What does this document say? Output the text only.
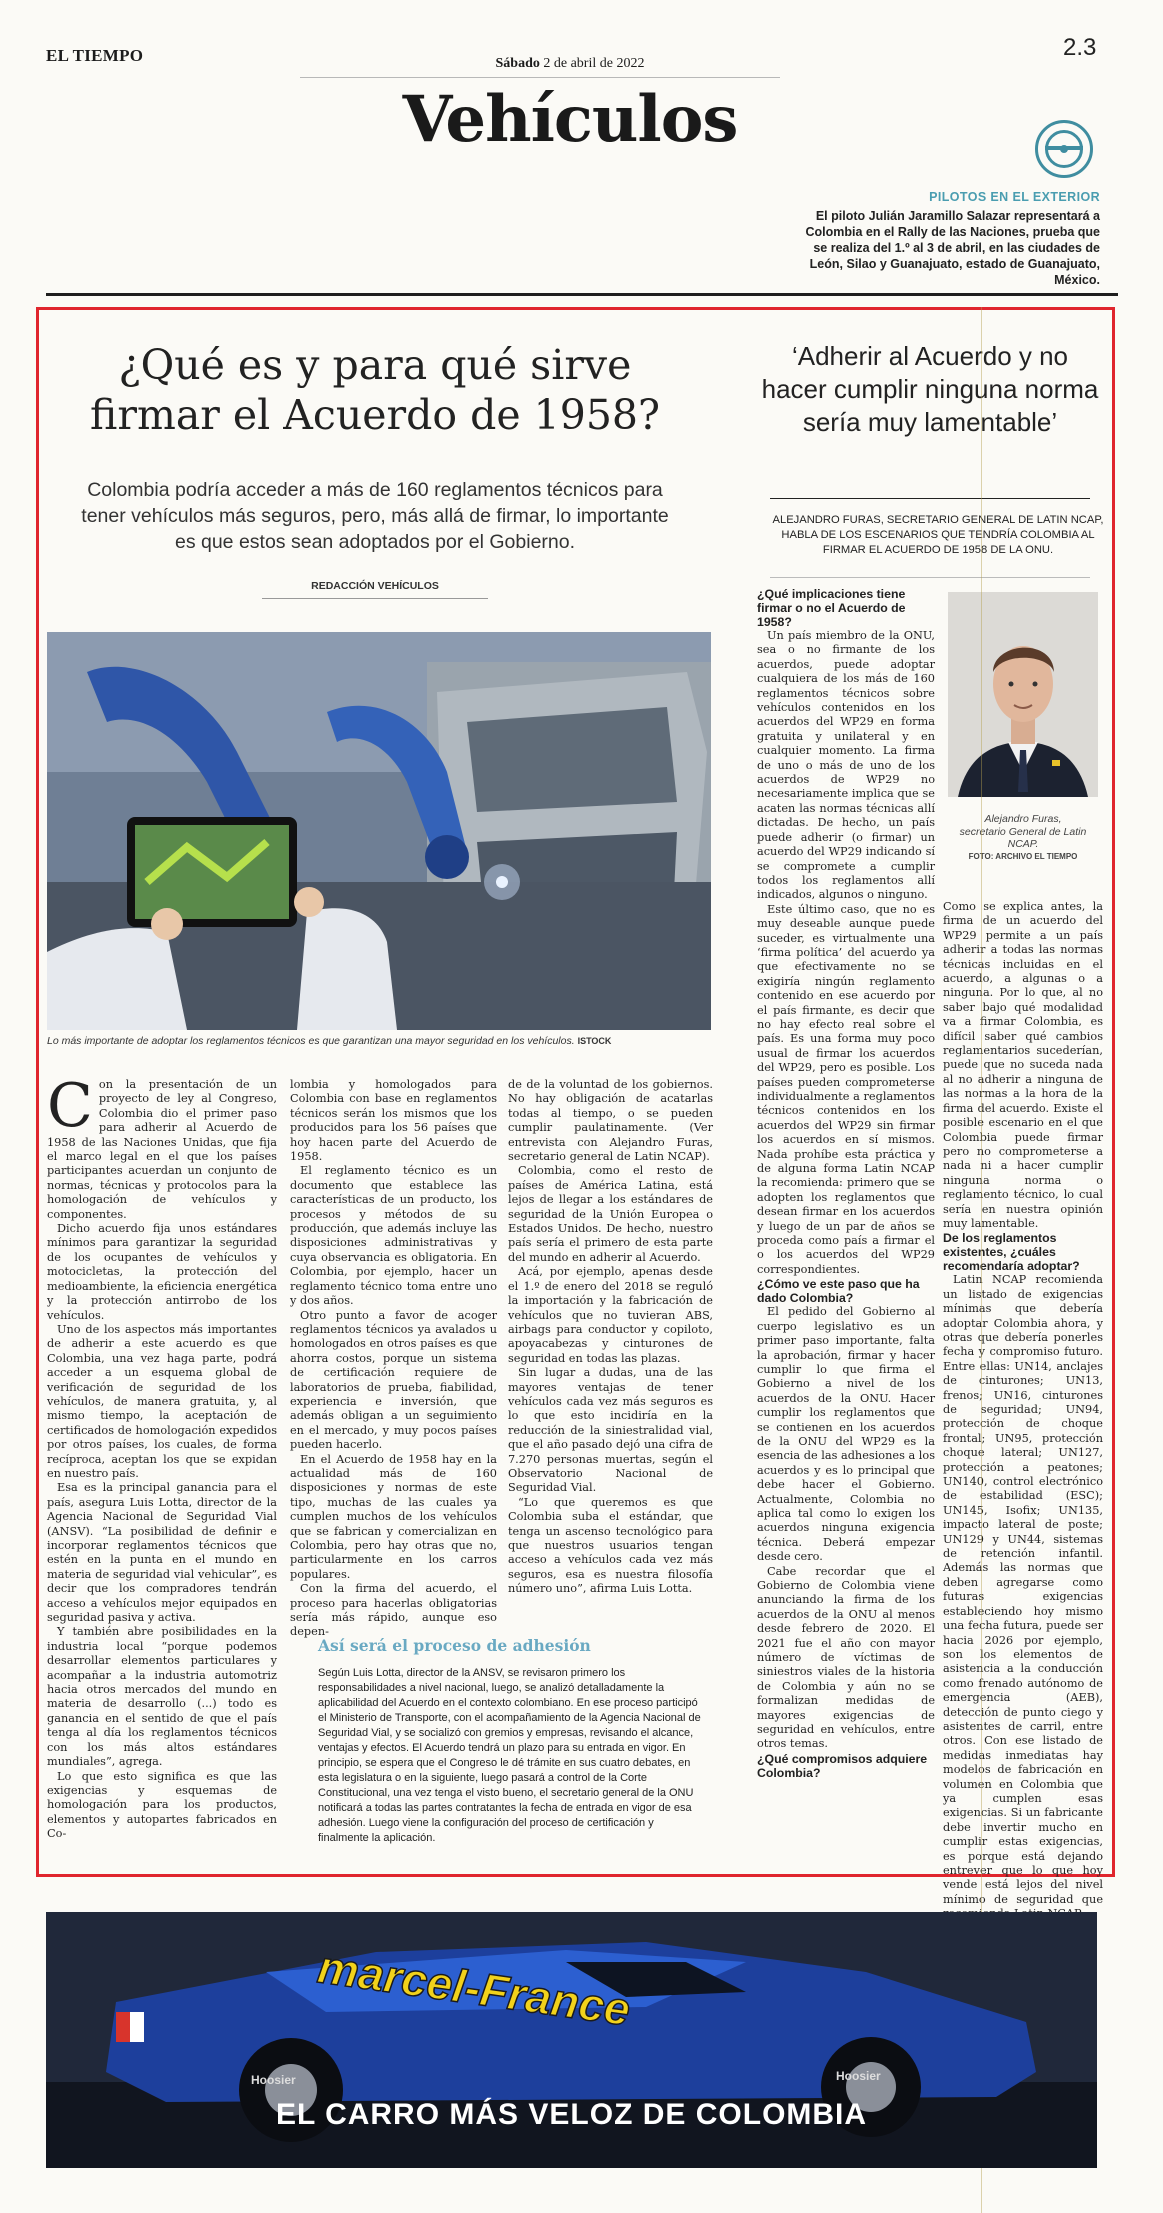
EL TIEMPO	2.3
Sábado 2 de abril de 2022
Vehículos
PILOTOS EN EL EXTERIOR
El piloto Julián Jaramillo Salazar representará a Colombia en el Rally de las Naciones, prueba que se realiza del 1.º al 3 de abril, en las ciudades de León, Silao y Guanajuato, estado de Guanajuato, México.
¿Qué es y para qué sirve firmar el Acuerdo de 1958?
Colombia podría acceder a más de 160 reglamentos técnicos para tener vehículos más seguros, pero, más allá de firmar, lo importante es que estos sean adoptados por el Gobierno.
REDACCIÓN VEHÍCULOS
Lo más importante de adoptar los reglamentos técnicos es que garantizan una mayor seguridad en los vehículos. ISTOCK
C on la presentación de un proyecto de ley al Congreso, Colombia dio el primer paso para adherir al Acuerdo de 1958 de las Naciones Unidas, que fija el marco legal en el que los países participantes acuerdan un conjunto de normas, técnicas y protocolos para la homologación de vehículos y componentes.

Dicho acuerdo fija unos estándares mínimos para garantizar la seguridad de los ocupantes de vehículos y motocicletas, la protección del medioambiente, la eficiencia energética y la protección antirrobo de los vehículos.

Uno de los aspectos más importantes de adherir a este acuerdo es que Colombia, una vez haga parte, podrá acceder a un esquema global de verificación de seguridad de los vehículos, de manera gratuita, y, al mismo tiempo, la aceptación de certificados de homologación expedidos por otros países, los cuales, de forma recíproca, aceptan los que se expidan en nuestro país.

Esa es la principal ganancia para el país, asegura Luis Lotta, director de la Agencia Nacional de Seguridad Vial (ANSV). “La posibilidad de definir e incorporar reglamentos técnicos que estén en la punta en el mundo en materia de seguridad vial vehicular”, es decir que los compradores tendrán acceso a vehículos mejor equipados en seguridad pasiva y activa.

Y también abre posibilidades en la industria local “porque podemos desarrollar elementos particulares y acompañar a la industria automotriz hacia otros mercados del mundo en materia de desarrollo (...) todo es ganancia en el sentido de que el país tenga al día los reglamentos técnicos con los más altos estándares mundiales”, agrega.

Lo que esto significa es que las exigencias y esquemas de homologación para los productos, elementos y autopartes fabricados en Co-

lombia y homologados para Colombia con base en reglamentos técnicos serán los mismos que los producidos para los 56 países que hoy hacen parte del Acuerdo de 1958.

El reglamento técnico es un documento que establece las características de un producto, los procesos y métodos de su producción, que además incluye las disposiciones administrativas y cuya observancia es obligatoria. En Colombia, por ejemplo, hacer un reglamento técnico toma entre uno y dos años.

Otro punto a favor de acoger reglamentos técnicos ya avalados u homologados en otros países es que ahorra costos, porque un sistema de certificación requiere de laboratorios de prueba, fiabilidad, experiencia e inversión, que además obligan a un seguimiento en el mercado, y muy pocos países pueden hacerlo.

En el Acuerdo de 1958 hay en la actualidad más de 160 disposiciones y normas de este tipo, muchas de las cuales ya cumplen muchos de los vehículos que se fabrican y comercializan en Colombia, pero hay otras que no, particularmente en los carros populares.

Con la firma del acuerdo, el proceso para hacerlas obligatorias sería más rápido, aunque eso depen-

de de la voluntad de los gobiernos. No hay obligación de acatarlas todas al tiempo, o se pueden cumplir paulatinamente. (Ver entrevista con Alejandro Furas, secretario general de Latin NCAP).

Colombia, como el resto de países de América Latina, está lejos de llegar a los estándares de seguridad de la Unión Europea o Estados Unidos. De hecho, nuestro país sería el primero de esta parte del mundo en adherir al Acuerdo.

Acá, por ejemplo, apenas desde el 1.º de enero del 2018 se reguló la importación y la fabricación de vehículos que no tuvieran ABS, airbags para conductor y copiloto, apoyacabezas y cinturones de seguridad en todas las plazas.

Sin lugar a dudas, una de las mayores ventajas de tener vehículos cada vez más seguros es lo que esto incidiría en la reducción de la siniestralidad vial, que el año pasado dejó una cifra de 7.270 personas muertas, según el Observatorio Nacional de Seguridad Vial.

“Lo que queremos es que Colombia suba el estándar, que tenga un ascenso tecnológico para que nuestros usuarios tengan acceso a vehículos cada vez más seguros, esa es nuestra filosofía número uno”, afirma Luis Lotta.

Así será el proceso de adhesión
Según Luis Lotta, director de la ANSV, se revisaron primero los responsabilidades a nivel nacional, luego, se analizó detalladamente la aplicabilidad del Acuerdo en el contexto colombiano. En ese proceso participó el Ministerio de Transporte, con el acompañamiento de la Agencia Nacional de Seguridad Vial, y se socializó con gremios y empresas, revisando el alcance, ventajas y efectos. El Acuerdo tendrá un plazo para su entrada en vigor. En principio, se espera que el Congreso le dé trámite en sus cuatro debates, en esta legislatura o en la siguiente, luego pasará a control de la Corte Constitucional, una vez tenga el visto bueno, el secretario general de la ONU notificará a todas las partes contratantes la fecha de entrada en vigor de esa adhesión. Luego viene la configuración del proceso de certificación y finalmente la aplicación.
‘Adherir al Acuerdo y no hacer cumplir ninguna norma sería muy lamentable’
ALEJANDRO FURAS, SECRETARIO GENERAL DE LATIN NCAP, HABLA DE LOS ESCENARIOS QUE TENDRÍA COLOMBIA AL FIRMAR EL ACUERDO DE 1958 DE LA ONU.

¿Qué implicaciones tiene firmar o no el Acuerdo de 1958?

Un país miembro de la ONU, sea o no firmante de los acuerdos, puede adoptar cualquiera de los más de 160 reglamentos técnicos sobre vehículos contenidos en los acuerdos del WP29 en forma gratuita y unilateral y en cualquier momento. La firma de uno o más de uno de los acuerdos de WP29 no necesariamente implica que se acaten las normas técnicas allí dictadas. De hecho, un país puede adherir (o firmar) un acuerdo del WP29 indicando sí se compromete a cumplir todos los reglamentos allí indicados, algunos o ninguno.

Este último caso, que no es muy deseable aunque puede suceder, es virtualmente una ‘firma política’ del acuerdo ya que efectivamente no se exigiría ningún reglamento contenido en ese acuerdo por el país firmante, es decir que no hay efecto real sobre el país. Es una forma muy poco usual de firmar los acuerdos del WP29, pero es posible. Los países pueden comprometerse individualmente a reglamentos técnicos contenidos en los acuerdos del WP29 sin firmar los acuerdos en sí mismos. Nada prohíbe esta práctica y de alguna forma Latin NCAP la recomienda: primero que se adopten los reglamentos que desean firmar en los acuerdos y luego de un par de años se proceda como país a firmar el o los acuerdos del WP29 correspondientes.

¿Cómo ve este paso que ha dado Colombia?

El pedido del Gobierno al cuerpo legislativo es un primer paso importante, falta la aprobación, firmar y hacer cumplir lo que firma el Gobierno a nivel de los acuerdos de la ONU. Hacer cumplir los reglamentos que se contienen en los acuerdos de la ONU del WP29 es la esencia de las adhesiones a los acuerdos y es lo principal que debe hacer el Gobierno. Actualmente, Colombia no aplica tal como lo exigen los acuerdos ninguna exigencia técnica. Deberá empezar desde cero.

Cabe recordar que el Gobierno de Colombia viene anunciando la firma de los acuerdos de la ONU al menos desde febrero de 2020. El 2021 fue el año con mayor número de víctimas de siniestros viales de la historia de Colombia y aún no se formalizan medidas de mayores exigencias de seguridad en vehículos, entre otros temas.

¿Qué compromisos adquiere Colombia?

Alejandro Furas,
secretario General de Latin NCAP.
FOTO: ARCHIVO EL TIEMPO

Como se explica antes, la firma de un acuerdo del WP29 permite a un país adherir a todas las normas técnicas incluidas en el acuerdo, a algunas o a ninguna. Por lo que, al no saber bajo qué modalidad va a firmar Colombia, es difícil saber qué cambios reglamentarios sucederían, puede que no suceda nada al no adherir a ninguna de las normas a la hora de la firma del acuerdo. Existe el posible escenario en el que Colombia puede firmar pero no comprometerse a nada ni a hacer cumplir ninguna norma o reglamento técnico, lo cual sería en nuestra opinión muy lamentable.

De los reglamentos existentes, ¿cuáles recomendaría adoptar?

Latin NCAP recomienda un listado de exigencias mínimas que debería adoptar Colombia ahora, y otras que debería ponerles fecha y compromiso futuro. Entre ellas: UN14, anclajes de cinturones; UN13, frenos; UN16, cinturones de seguridad; UN94, protección de choque frontal; UN95, protección choque lateral; UN127, protección a peatones; UN140, control electrónico de estabilidad (ESC); UN145, Isofix; UN135, impacto lateral de poste; UN129 y UN44, sistemas de retención infantil. Además las normas que deben agregarse como futuras exigencias estableciendo hoy mismo una fecha futura, puede ser hacia 2026 por ejemplo, son los elementos de asistencia a la conducción como frenado autónomo de emergencia (AEB), detección de punto ciego y asistentes de carril, entre otros. Con ese listado de medidas inmediatas hay modelos de fabricación en volumen en Colombia que ya cumplen esas exigencias. Si un fabricante debe invertir mucho en cumplir estas exigencias, es porque está dejando entrever que lo que hoy vende está lejos del nivel mínimo de seguridad que

marcel-France
Hoosier	Hoosier
EL CARRO MÁS VELOZ DE COLOMBIA
